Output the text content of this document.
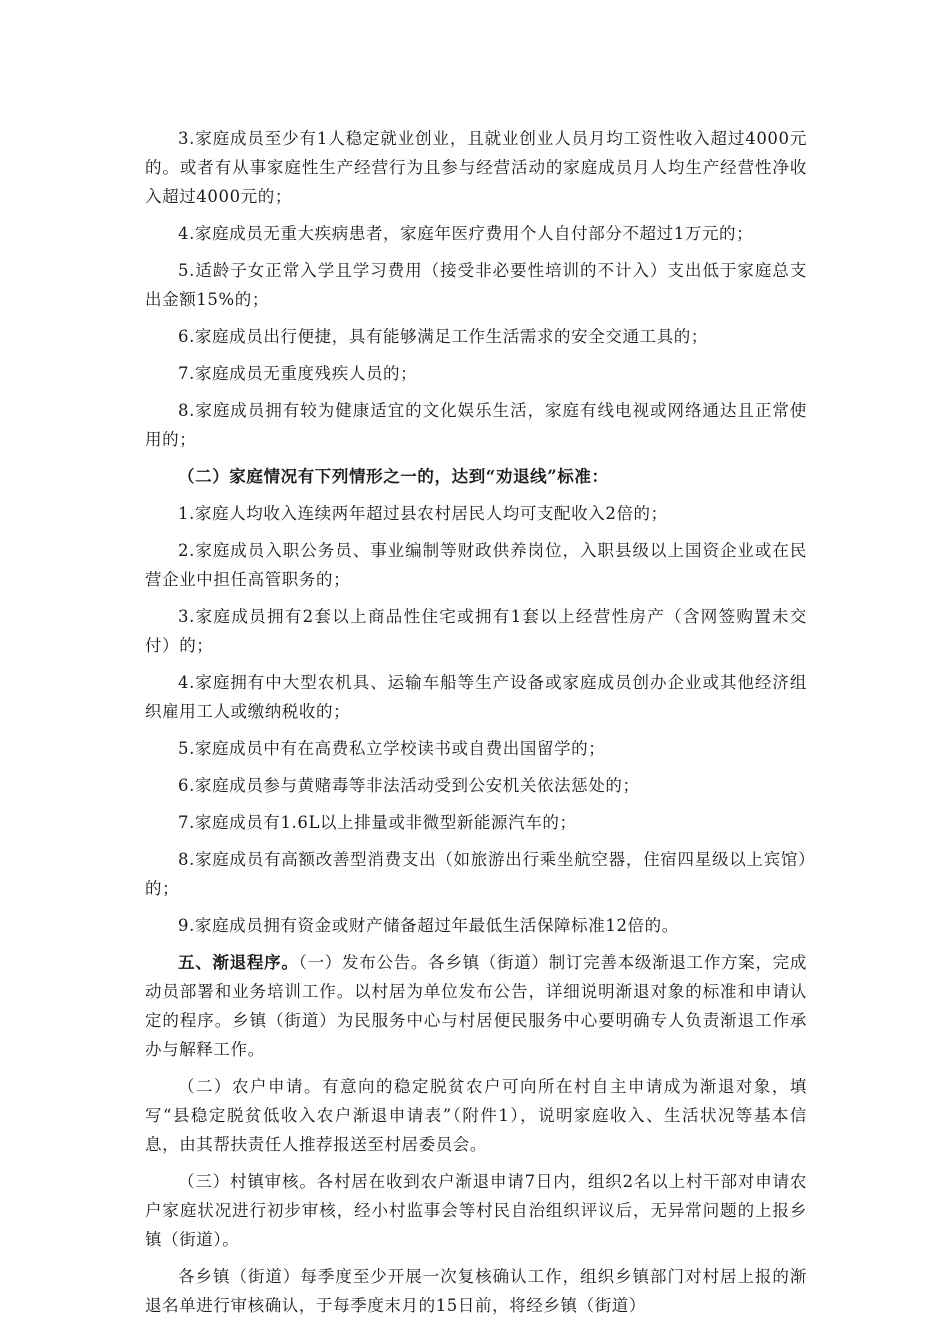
3.家庭成员至少有1人稳定就业创业，且就业创业人员月均工资性收入超过4000元的。或者有从事家庭性生产经营行为且参与经营活动的家庭成员月人均生产经营性净收入超过4000元的；

4.家庭成员无重大疾病患者，家庭年医疗费用个人自付部分不超过1万元的；

5.适龄子女正常入学且学习费用（接受非必要性培训的不计入）支出低于家庭总支出金额15%的；

6.家庭成员出行便捷，具有能够满足工作生活需求的安全交通工具的；

7.家庭成员无重度残疾人员的；

8.家庭成员拥有较为健康适宜的文化娱乐生活，家庭有线电视或网络通达且正常使用的；

（二）家庭情况有下列情形之一的，达到“劝退线”标准：

1.家庭人均收入连续两年超过县农村居民人均可支配收入2倍的；

2.家庭成员入职公务员、事业编制等财政供养岗位，入职县级以上国资企业或在民营企业中担任高管职务的；

3.家庭成员拥有2套以上商品性住宅或拥有1套以上经营性房产（含网签购置未交付）的；

4.家庭拥有中大型农机具、运输车船等生产设备或家庭成员创办企业或其他经济组织雇用工人或缴纳税收的；

5.家庭成员中有在高费私立学校读书或自费出国留学的；

6.家庭成员参与黄赌毒等非法活动受到公安机关依法惩处的；

7.家庭成员有1.6L以上排量或非微型新能源汽车的；

8.家庭成员有高额改善型消费支出（如旅游出行乘坐航空器，住宿四星级以上宾馆）的；

9.家庭成员拥有资金或财产储备超过年最低生活保障标准12倍的。

五、渐退程序。（一）发布公告。各乡镇（街道）制订完善本级渐退工作方案，完成动员部署和业务培训工作。以村居为单位发布公告，详细说明渐退对象的标准和申请认定的程序。乡镇（街道）为民服务中心与村居便民服务中心要明确专人负责渐退工作承办与解释工作。

（二）农户申请。有意向的稳定脱贫农户可向所在村自主申请成为渐退对象，填写“县稳定脱贫低收入农户渐退申请表”（附件1），说明家庭收入、生活状况等基本信息，由其帮扶责任人推荐报送至村居委员会。

（三）村镇审核。各村居在收到农户渐退申请7日内，组织2名以上村干部对申请农户家庭状况进行初步审核，经小村监事会等村民自治组织评议后，无异常问题的上报乡镇（街道）。

各乡镇（街道）每季度至少开展一次复核确认工作，组织乡镇部门对村居上报的渐退名单进行审核确认，于每季度末月的15日前，将经乡镇（街道）
